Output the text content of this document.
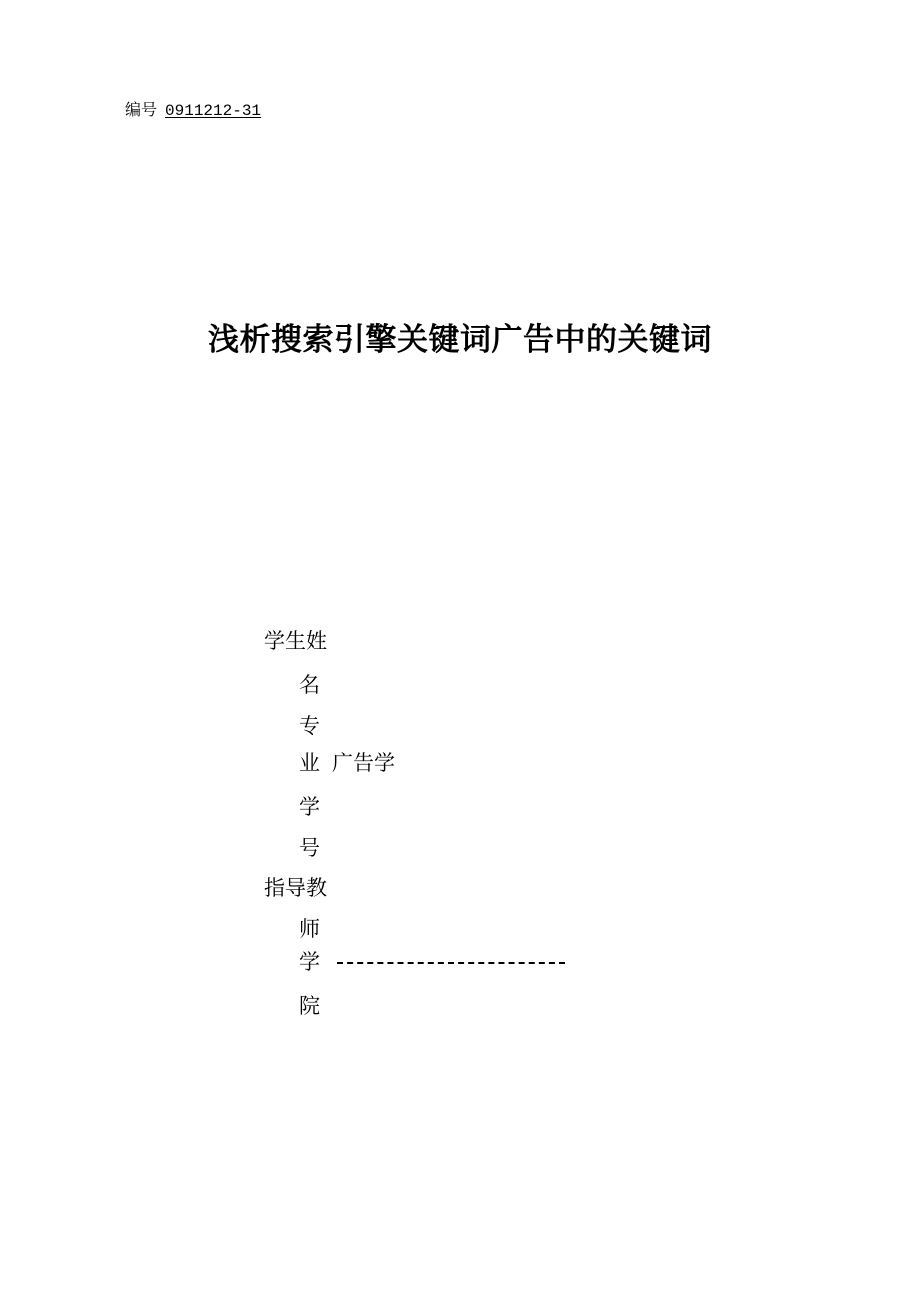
编号 0911212-31
浅析搜索引擎关键词广告中的关键词
学生姓
名
专
业 广告学
学
号
指导教
师
学
院
